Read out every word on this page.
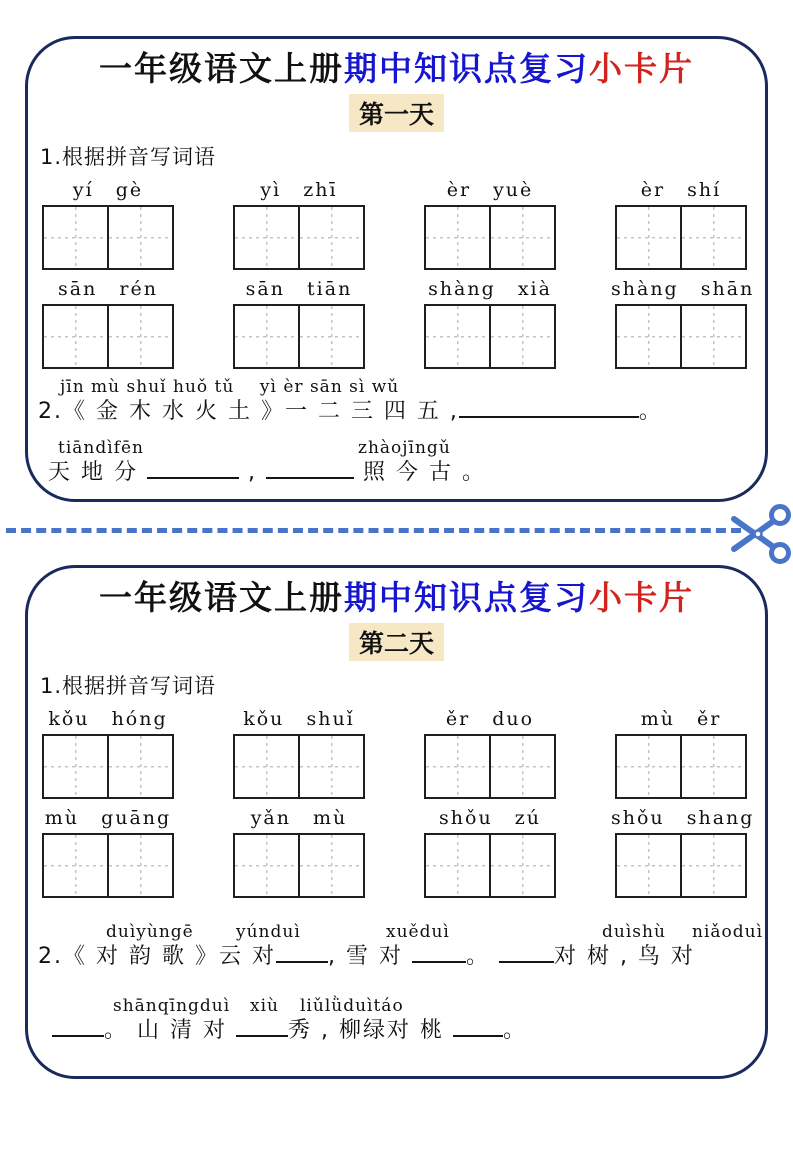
一年级语文上册期中知识点复习小卡片
第一天
1.根据拼音写词语
yí gè	yì zhī	èr yuè	èr shí
sān rén	sān tiān	shàng xià	shàng shān
jīn mù shuǐ huǒ tǔ    yì èr sān sì wǔ
2.《 金 木 水 火 土 》一 二 三 四 五 ,	。
tiāndìfēn	zhàojīngǔ
天 地 分	,	照 今 古 。
一年级语文上册期中知识点复习小卡片
第二天
1.根据拼音写词语
kǒu hóng	kǒu shuǐ	ěr duo	mù ěr
mù guāng	yǎn mù	shǒu zú	shǒu shang
duìyùngē yúnduì	xuěduì	duìshù niǎoduì
2.《 对 韵 歌 》云 对 , 雪 对 。	对 树 , 鸟 对
shānqīngduì xiù liǔlǜduìtáo
。 山 清 对 秀 , 柳绿对 桃 。
